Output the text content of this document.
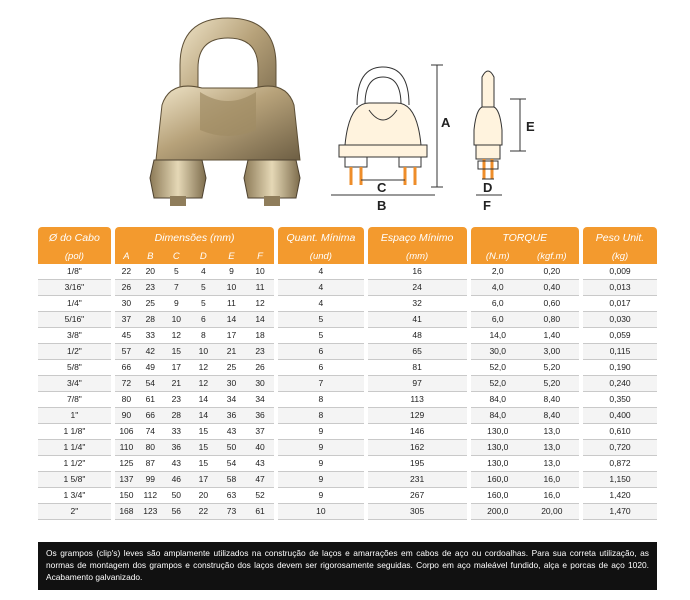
A
C
B
E
D
F
Ø do Cabo		Dimensões (mm)							Quant. Mínima		Espaço Mínimo		TORQUE			Peso Unit.
(pol)		A	B	C	D	E	F		(und)		(mm)		(N.m)	(kgf.m)		(kg)
1/8"		22	20	5	4	9	10		4		16		2,0	0,20		0,009
3/16"		26	23	7	5	10	11		4		24		4,0	0,40		0,013
1/4"		30	25	9	5	11	12		4		32		6,0	0,60		0,017
5/16"		37	28	10	6	14	14		5		41		6,0	0,80		0,030
3/8"		45	33	12	8	17	18		5		48		14,0	1,40		0,059
1/2"		57	42	15	10	21	23		6		65		30,0	3,00		0,115
5/8"		66	49	17	12	25	26		6		81		52,0	5,20		0,190
3/4"		72	54	21	12	30	30		7		97		52,0	5,20		0,240
7/8"		80	61	23	14	34	34		8		113		84,0	8,40		0,350
1"		90	66	28	14	36	36		8		129		84,0	8,40		0,400
1 1/8"		106	74	33	15	43	37		9		146		130,0	13,0		0,610
1 1/4"		110	80	36	15	50	40		9		162		130,0	13,0		0,720
1 1/2"		125	87	43	15	54	43		9		195		130,0	13,0		0,872
1 5/8"		137	99	46	17	58	47		9		231		160,0	16,0		1,150
1 3/4"		150	112	50	20	63	52		9		267		160,0	16,0		1,420
2"		168	123	56	22	73	61		10		305		200,0	20,00		1,470
Os grampos (clip's) leves são amplamente utilizados na construção de laços e amarrações em cabos de aço ou cordoalhas. Para sua correta utilização, as normas de montagem dos grampos e construção dos laços devem ser rigorosamente seguidas. Corpo em aço maleável fundido, alça e porcas de aço 1020. Acabamento galvanizado.
